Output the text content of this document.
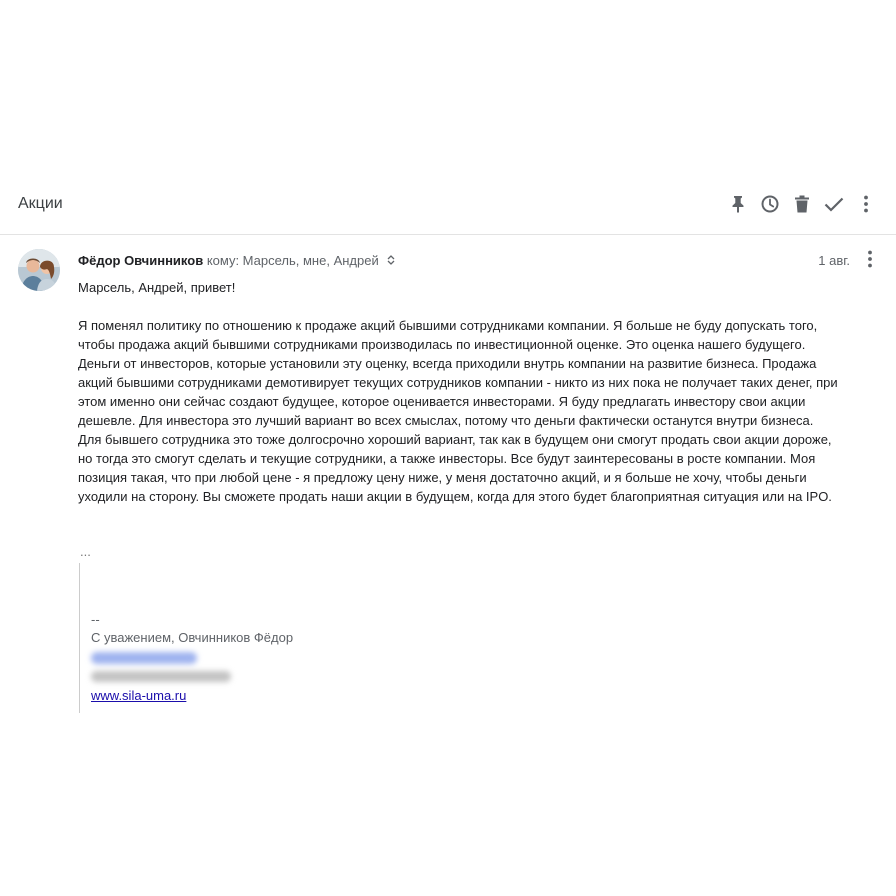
Акции
Фёдор Овчинников кому: Марсель, мне, Андрей	1 авг.
Марсель, Андрей, привет!
Я поменял политику по отношению к продаже акций бывшими сотрудниками компании. Я больше не буду допускать того, чтобы продажа акций бывшими сотрудниками производилась по инвестиционной оценке. Это оценка нашего будущего. Деньги от инвесторов, которые установили эту оценку, всегда приходили внутрь компании на развитие бизнеса. Продажа акций бывшими сотрудниками демотивирует текущих сотрудников компании - никто из них пока не получает таких денег, при этом именно они сейчас создают будущее, которое оценивается инвесторами. Я буду предлагать инвестору свои акции дешевле. Для инвестора это лучший вариант во всех смыслах, потому что деньги фактически останутся внутри бизнеса. Для бывшего сотрудника это тоже долгосрочно хороший вариант, так как в будущем они смогут продать свои акции дороже, но тогда это смогут сделать и текущие сотрудники, а также инвесторы. Все будут заинтересованы в росте компании. Моя позиция такая, что при любой цене - я предложу цену ниже, у меня достаточно акций, и я больше не хочу, чтобы деньги уходили на сторону. Вы сможете продать наши акции в будущем, когда для этого будет благоприятная ситуация или на IPO.
...
--
С уважением, Овчинников Фёдор
www.sila-uma.ru
